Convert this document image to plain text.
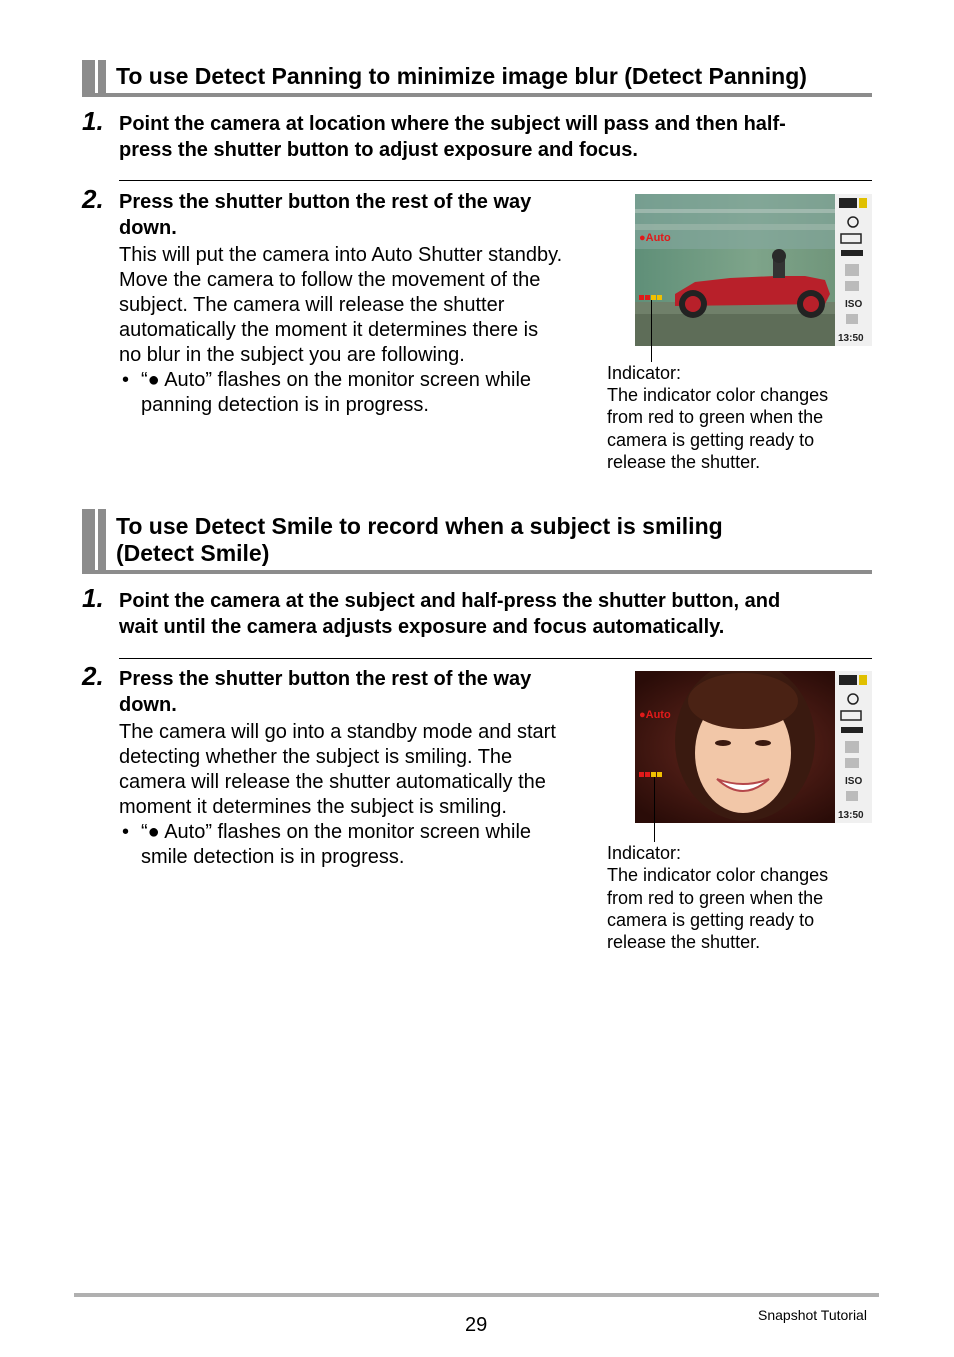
To use Detect Panning to minimize image blur (Detect Panning)
1. Point the camera at location where the subject will pass and then half-
press the shutter button to adjust exposure and focus.
2. Press the shutter button the rest of the way
down.
This will put the camera into Auto Shutter standby.
Move the camera to follow the movement of the
subject. The camera will release the shutter
automatically the moment it determines there is
no blur in the subject you are following.
• “● Auto” flashes on the monitor screen while
panning detection is in progress.
●Auto
ISO
13:50
Indicator:
The indicator color changes
from red to green when the
camera is getting ready to
release the shutter.
To use Detect Smile to record when a subject is smiling
(Detect Smile)
1. Point the camera at the subject and half-press the shutter button, and
wait until the camera adjusts exposure and focus automatically.
2. Press the shutter button the rest of the way
down.
The camera will go into a standby mode and start
detecting whether the subject is smiling. The
camera will release the shutter automatically the
moment it determines the subject is smiling.
• “● Auto” flashes on the monitor screen while
smile detection is in progress.
●Auto
ISO
13:50
Indicator:
The indicator color changes
from red to green when the
camera is getting ready to
release the shutter.
29	Snapshot Tutorial
